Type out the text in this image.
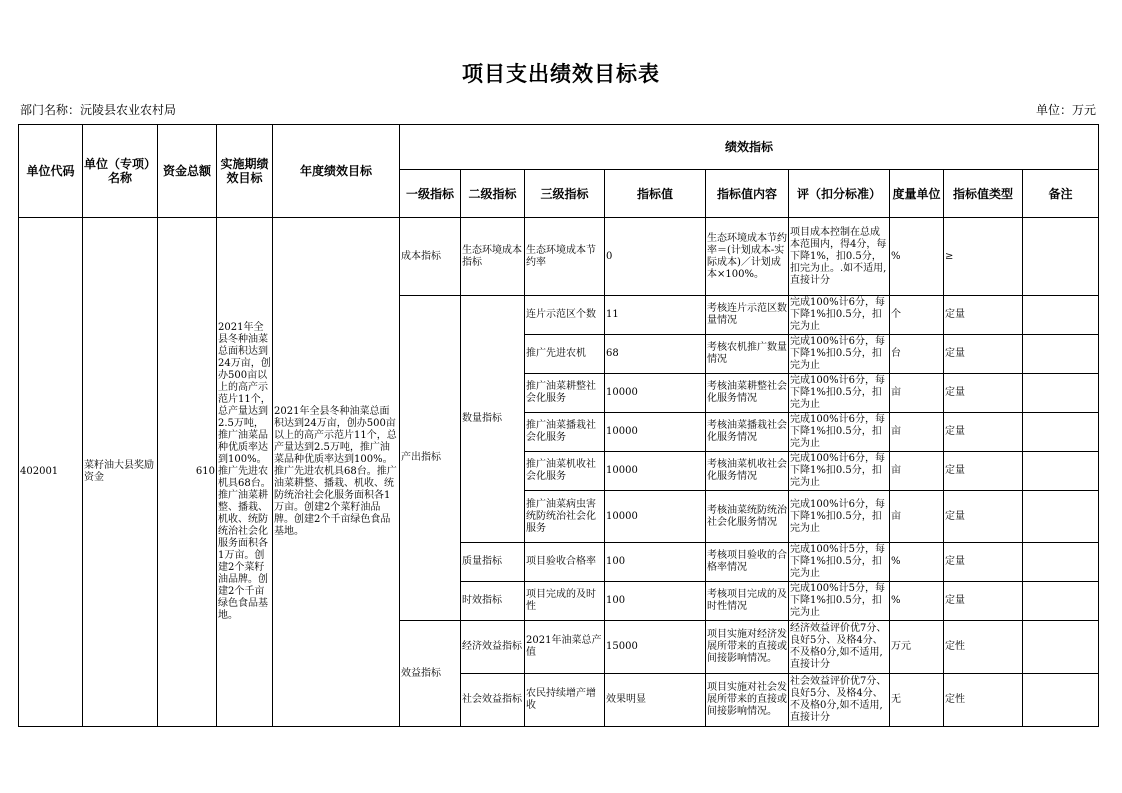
项目支出绩效目标表
部门名称：沅陵县农业农村局	单位：万元
单位代码	单位（专项）名称	资金总额	实施期绩效目标	年度绩效目标	绩效指标								
					一级指标	二级指标	三级指标	指标值	指标值内容	评（扣分标准）	度量单位	指标值类型	备注
402001	菜籽油大县奖励资金	610	2021年全县冬种油菜总面积达到24万亩，创办500亩以上的高产示范片11个，总产量达到2.5万吨，推广油菜品种优质率达到100%。推广先进农机具68台。推广油菜耕整、播栽、机收、统防统治社会化服务面积各1万亩。创建2个菜籽油品牌。创建2个千亩绿色食品基地。	2021年全县冬种油菜总面积达到24万亩，创办500亩以上的高产示范片11个，总产量达到2.5万吨，推广油菜品种优质率达到100%。推广先进农机具68台。推广油菜耕整、播栽、机收、统防统治社会化服务面积各1万亩。创建2个菜籽油品牌。创建2个千亩绿色食品基地。	成本指标	生态环境成本指标	生态环境成本节约率	0	生态环境成本节约率＝(计划成本-实际成本)／计划成本×100%。	项目成本控制在总成本范围内，得4分，每下降1%，扣0.5分，扣完为止。.如不适用,直接计分	%	≥	
					产出指标	数量指标	连片示范区个数	11	考核连片示范区数量情况	完成100%计6分，每下降1%扣0.5分，扣完为止	个	定量	
							推广先进农机	68	考核农机推广数量情况	完成100%计6分，每下降1%扣0.5分，扣完为止	台	定量	
							推广油菜耕整社会化服务	10000	考核油菜耕整社会化服务情况	完成100%计6分，每下降1%扣0.5分，扣完为止	亩	定量	
							推广油菜播栽社会化服务	10000	考核油菜播栽社会化服务情况	完成100%计6分，每下降1%扣0.5分，扣完为止	亩	定量	
							推广油菜机收社会化服务	10000	考核油菜机收社会化服务情况	完成100%计6分，每下降1%扣0.5分，扣完为止	亩	定量	
							推广油菜病虫害统防统治社会化服务	10000	考核油菜统防统治社会化服务情况	完成100%计6分，每下降1%扣0.5分，扣完为止	亩	定量	
						质量指标	项目验收合格率	100	考核项目验收的合格率情况	完成100%计5分，每下降1%扣0.5分，扣完为止	%	定量	
						时效指标	项目完成的及时性	100	考核项目完成的及时性情况	完成100%计5分，每下降1%扣0.5分，扣完为止	%	定量	
					效益指标	经济效益指标	2021年油菜总产值	15000	项目实施对经济发展所带来的直接或间接影响情况。	经济效益评价优7分、良好5分、及格4分、不及格0分,如不适用,直接计分	万元	定性	
						社会效益指标	农民持续增产增收	效果明显	项目实施对社会发展所带来的直接或间接影响情况。	社会效益评价优7分、良好5分、及格4分、不及格0分,如不适用,直接计分	无	定性	
